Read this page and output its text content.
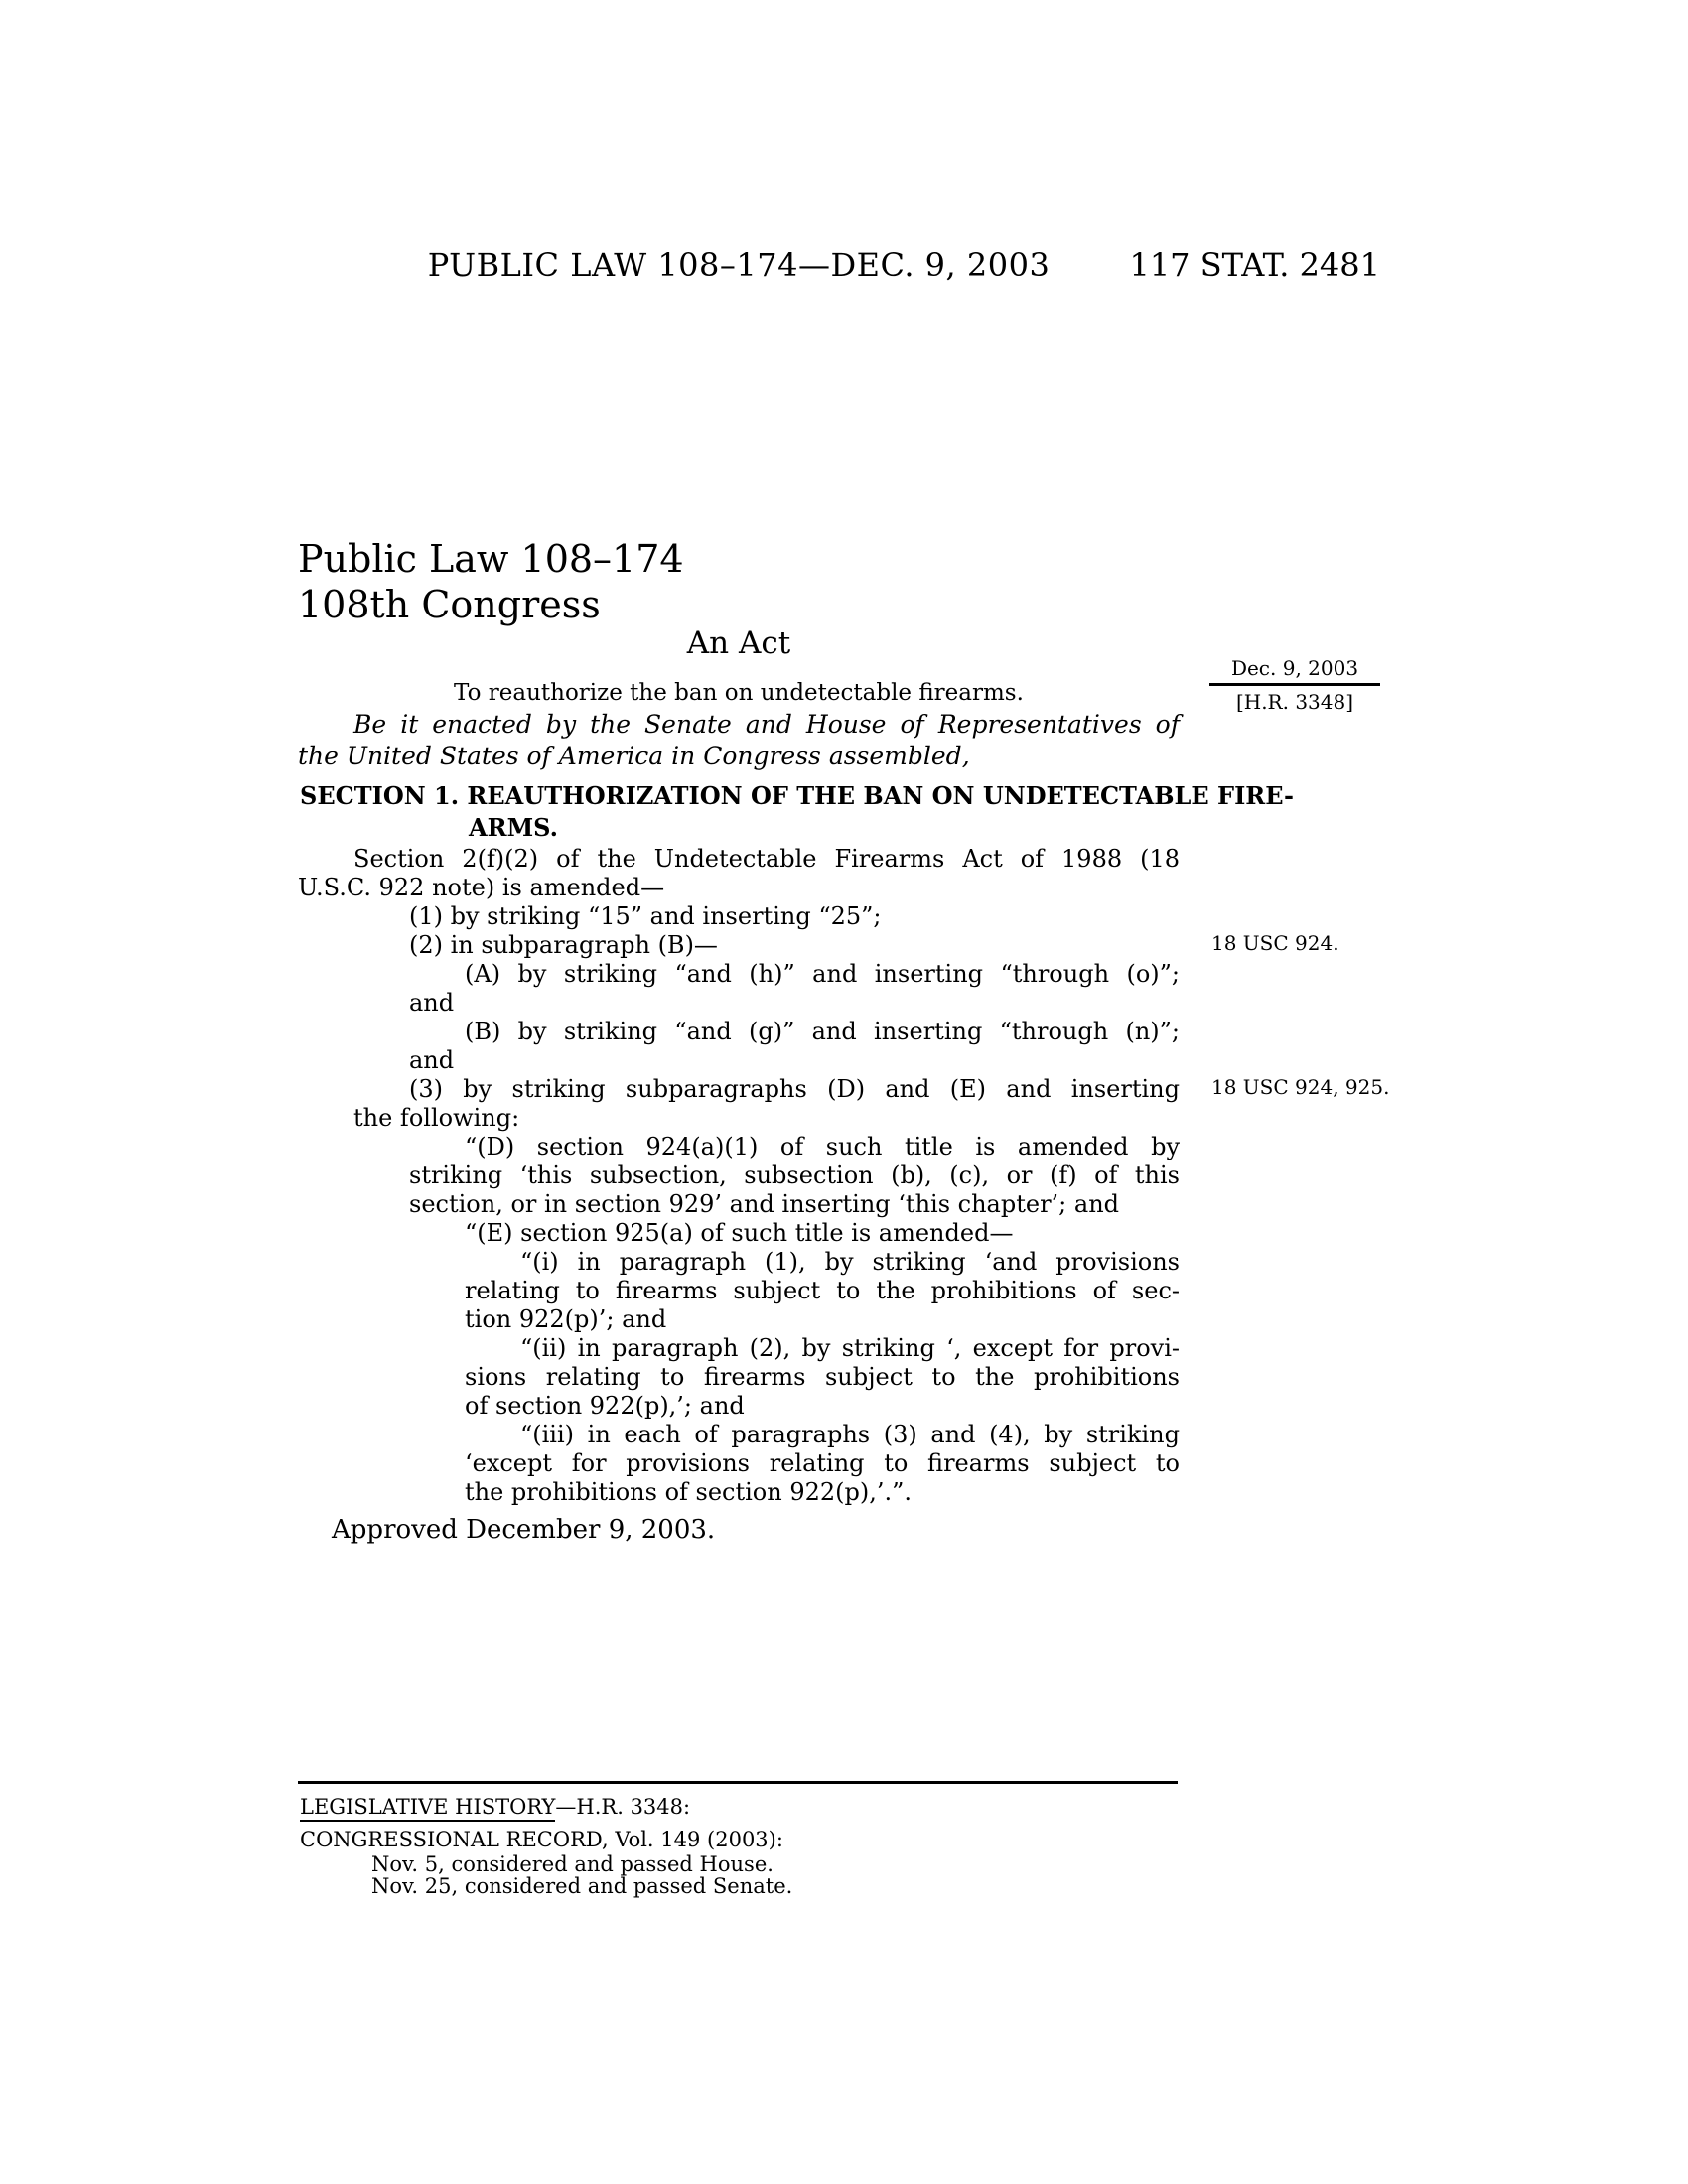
PUBLIC LAW 108–174—DEC. 9, 2003	117 STAT. 2481
Public Law 108–174
108th Congress
An Act
To reauthorize the ban on undetectable firearms.
Dec. 9, 2003
[H.R. 3348]
18 USC 924.
18 USC 924, 925.
Be it enacted by the Senate and House of Representatives of
the United States of America in Congress assembled,
SECTION 1. REAUTHORIZATION OF THE BAN ON UNDETECTABLE FIRE-
ARMS.
Section 2(f)(2) of the Undetectable Firearms Act of 1988 (18
U.S.C. 922 note) is amended—
(1) by striking “15” and inserting “25”;
(2) in subparagraph (B)—
(A) by striking “and (h)” and inserting “through (o)”;
and
(B) by striking “and (g)” and inserting “through (n)”;
and
(3) by striking subparagraphs (D) and (E) and inserting
the following:
“(D) section 924(a)(1) of such title is amended by
striking ‘this subsection, subsection (b), (c), or (f) of this
section, or in section 929’ and inserting ‘this chapter’; and
“(E) section 925(a) of such title is amended—
“(i) in paragraph (1), by striking ‘and provisions
relating to firearms subject to the prohibitions of sec-
tion 922(p)’; and
“(ii) in paragraph (2), by striking ‘, except for provi-
sions relating to firearms subject to the prohibitions
of section 922(p),’; and
“(iii) in each of paragraphs (3) and (4), by striking
‘except for provisions relating to firearms subject to
the prohibitions of section 922(p),’.”.
Approved December 9, 2003.
LEGISLATIVE HISTORY—H.R. 3348:
CONGRESSIONAL RECORD, Vol. 149 (2003):
Nov. 5, considered and passed House.
Nov. 25, considered and passed Senate.
